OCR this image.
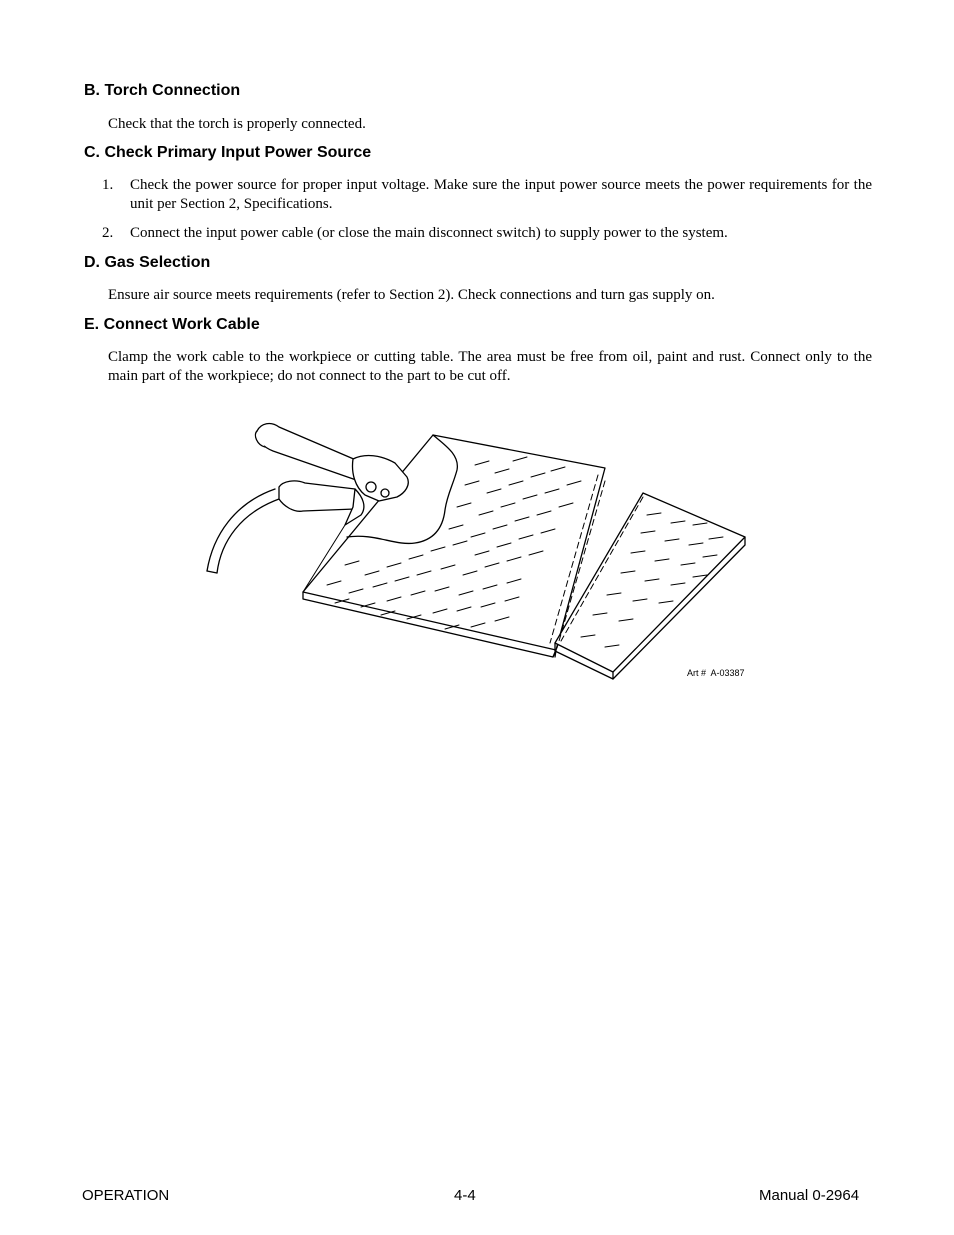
B. Torch Connection
Check that the torch is properly connected.
C. Check Primary Input Power Source
1.	Check the power source for proper input voltage. Make sure the input power source meets the power requirements for the unit per Section 2, Specifications.
2.	Connect the input power cable (or close the main disconnect switch) to supply power to the system.
D. Gas Selection
Ensure air source meets requirements (refer to Section 2). Check connections and turn gas supply on.
E. Connect Work Cable
Clamp the work cable to the workpiece or cutting table. The area must be free from oil, paint and rust. Connect only to the main part of the workpiece; do not connect to the part to be cut off.
Art #  A-03387
OPERATION	4-4	Manual 0-2964
